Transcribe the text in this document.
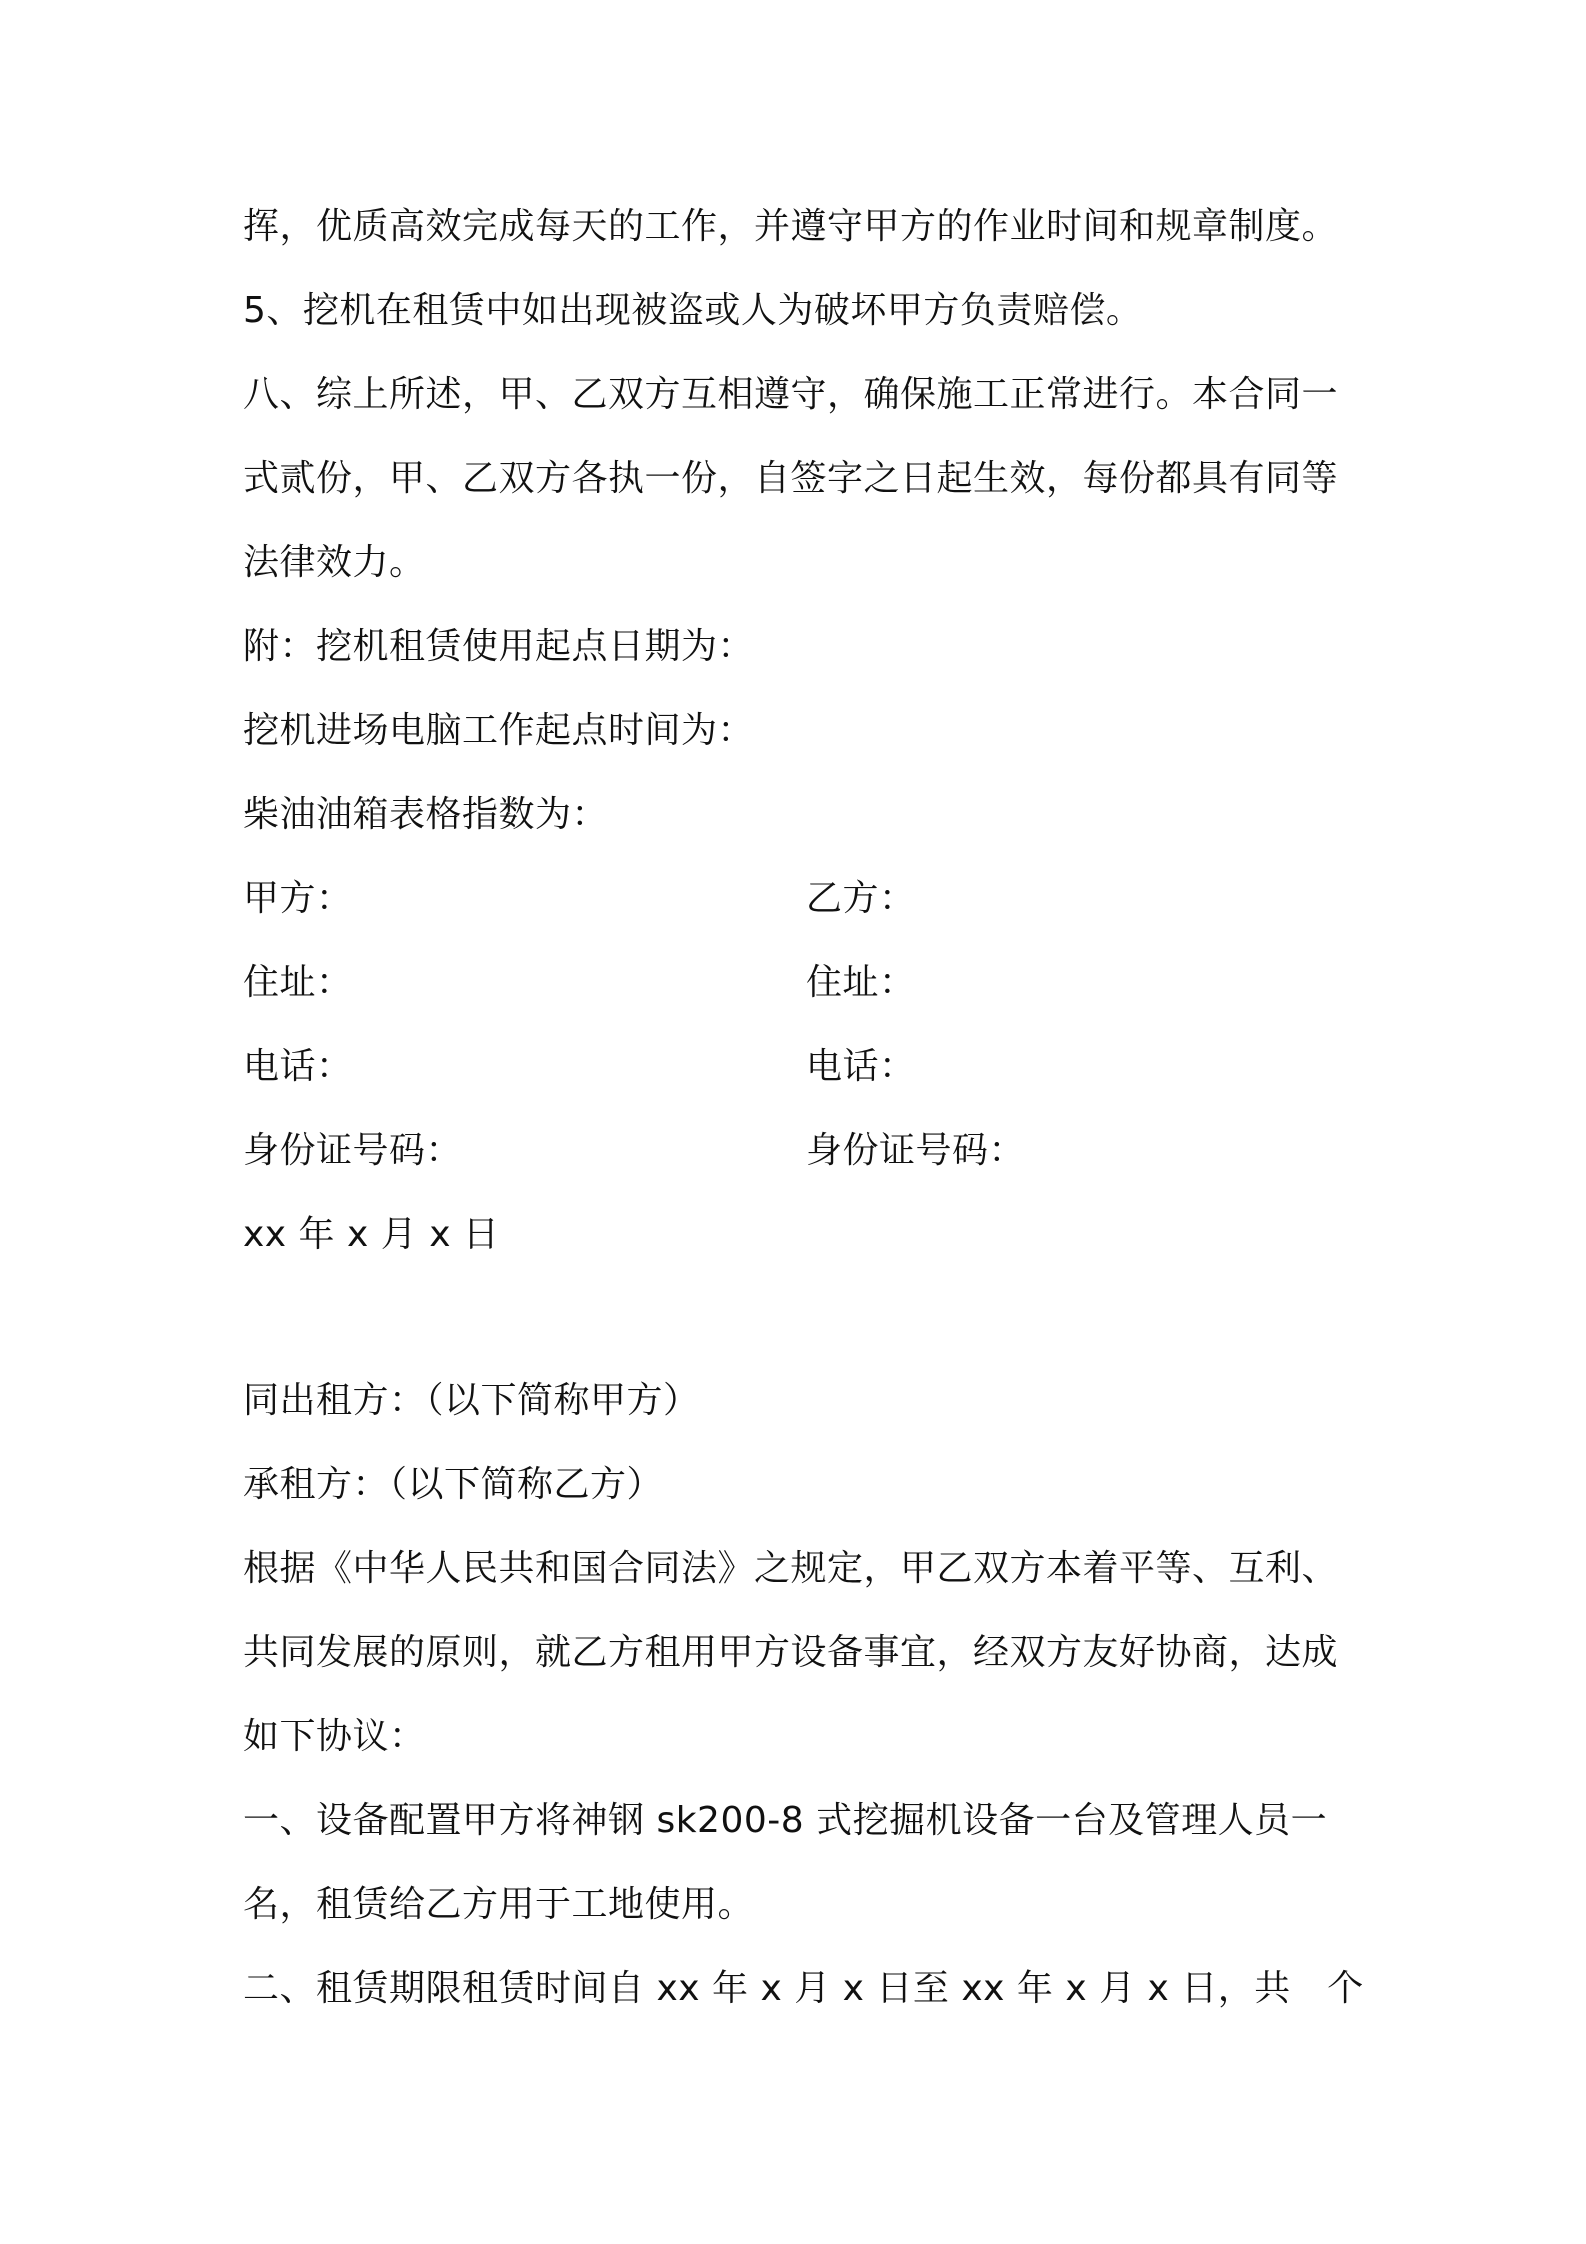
挥，优质高效完成每天的工作，并遵守甲方的作业时间和规章制度。
5、挖机在租赁中如出现被盗或人为破坏甲方负责赔偿。
八、综上所述，甲、乙双方互相遵守，确保施工正常进行。本合同一
式贰份，甲、乙双方各执一份，自签字之日起生效，每份都具有同等
法律效力。
附：挖机租赁使用起点日期为：
挖机进场电脑工作起点时间为：
柴油油箱表格指数为：
甲方：	乙方：
住址：	住址：
电话：	电话：
身份证号码：	身份证号码：
xx 年 x 月 x 日
同出租方：（以下简称甲方）
承租方：（以下简称乙方）
根据《中华人民共和国合同法》之规定，甲乙双方本着平等、互利、
共同发展的原则，就乙方租用甲方设备事宜，经双方友好协商，达成
如下协议：
一、设备配置甲方将神钢 sk200-8 式挖掘机设备一台及管理人员一
名，租赁给乙方用于工地使用。
二、租赁期限租赁时间自 xx 年 x 月 x 日至 xx 年 x 月 x 日，共　个
